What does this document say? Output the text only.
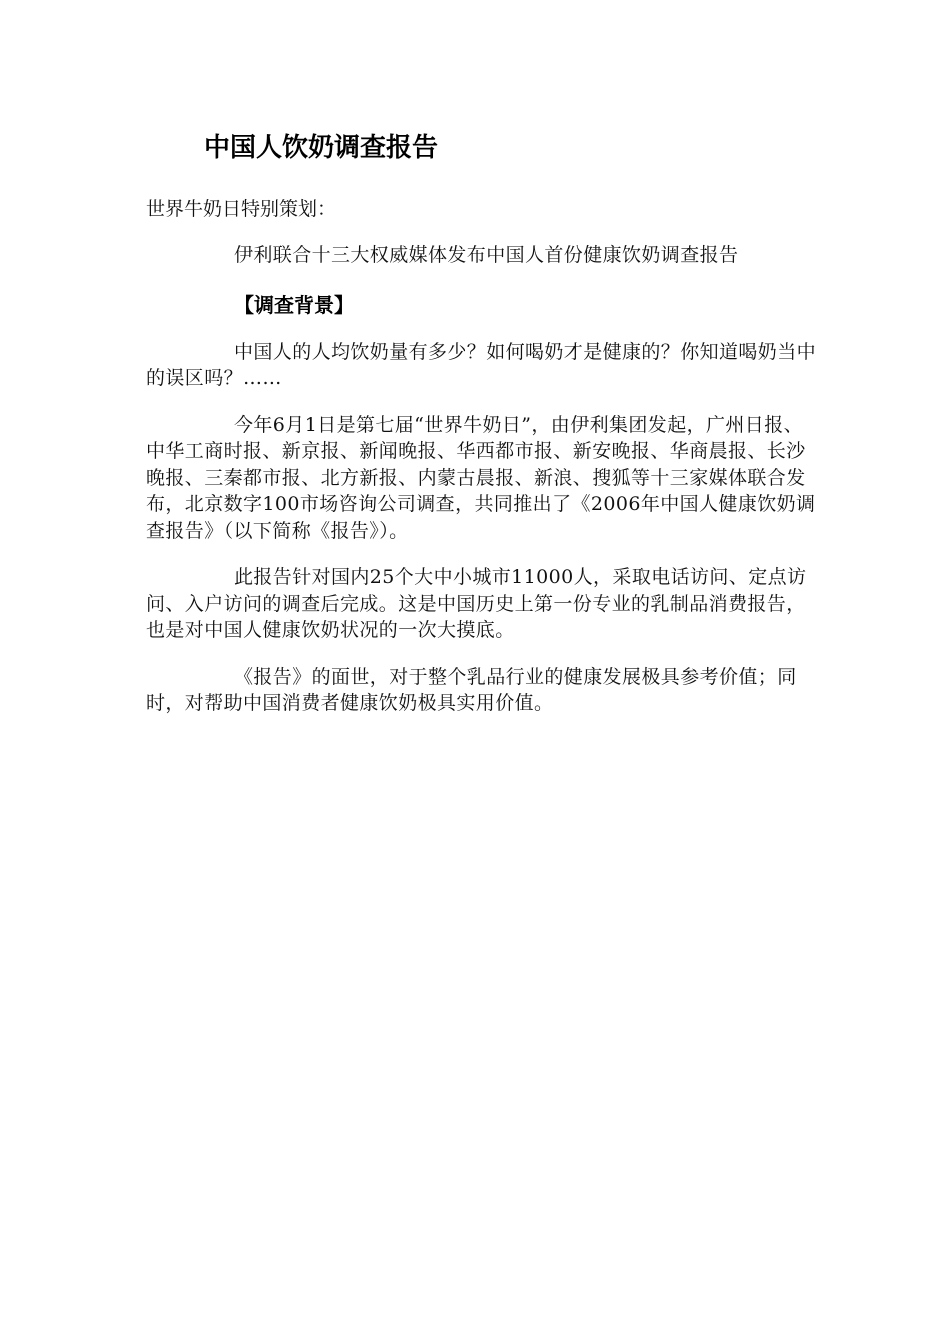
中国人饮奶调查报告

世界牛奶日特别策划：

伊利联合十三大权威媒体发布中国人首份健康饮奶调查报告

【调查背景】

中国人的人均饮奶量有多少？如何喝奶才是健康的？你知道喝奶当中的误区吗？……

今年6月1日是第七届“世界牛奶日”，由伊利集团发起，广州日报、中华工商时报、新京报、新闻晚报、华西都市报、新安晚报、华商晨报、长沙晚报、三秦都市报、北方新报、内蒙古晨报、新浪、搜狐等十三家媒体联合发布，北京数字100市场咨询公司调查，共同推出了《2006年中国人健康饮奶调查报告》（以下简称《报告》）。

此报告针对国内25个大中小城市11000人，采取电话访问、定点访问、入户访问的调查后完成。这是中国历史上第一份专业的乳制品消费报告，也是对中国人健康饮奶状况的一次大摸底。

《报告》的面世，对于整个乳品行业的健康发展极具参考价值；同时，对帮助中国消费者健康饮奶极具实用价值。
